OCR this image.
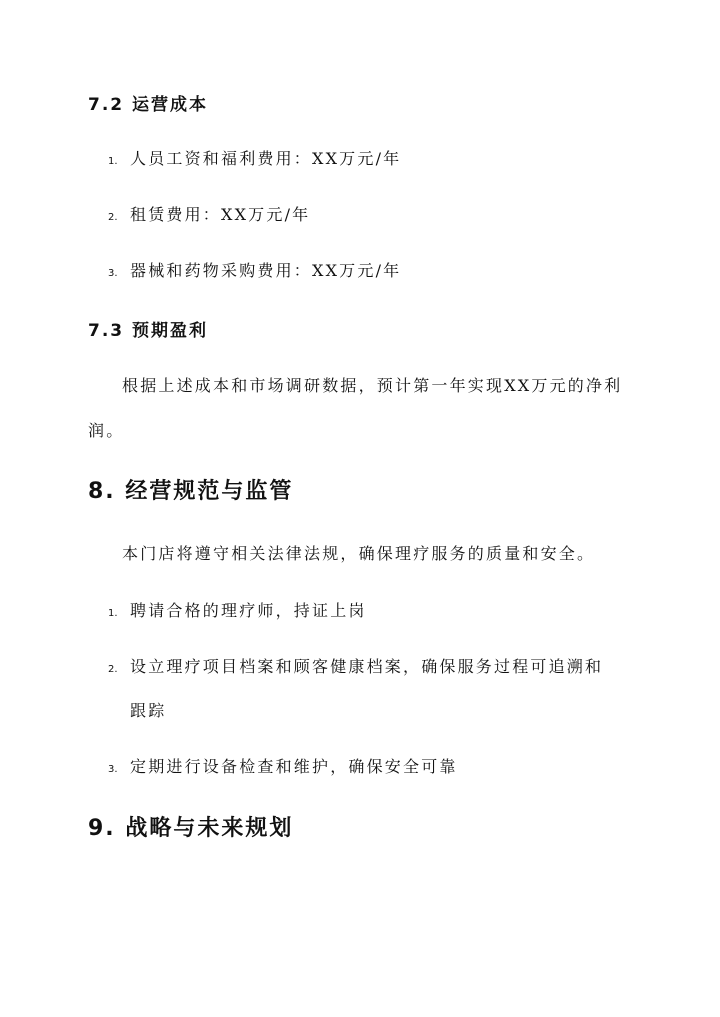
7.2 运营成本
1. 人员工资和福利费用：XX万元/年
2. 租赁费用：XX万元/年
3. 器械和药物采购费用：XX万元/年
7.3 预期盈利
根据上述成本和市场调研数据，预计第一年实现XX万元的净利
润。
8. 经营规范与监管
本门店将遵守相关法律法规，确保理疗服务的质量和安全。
1. 聘请合格的理疗师，持证上岗
2. 设立理疗项目档案和顾客健康档案，确保服务过程可追溯和
跟踪
3. 定期进行设备检查和维护，确保安全可靠
9. 战略与未来规划
